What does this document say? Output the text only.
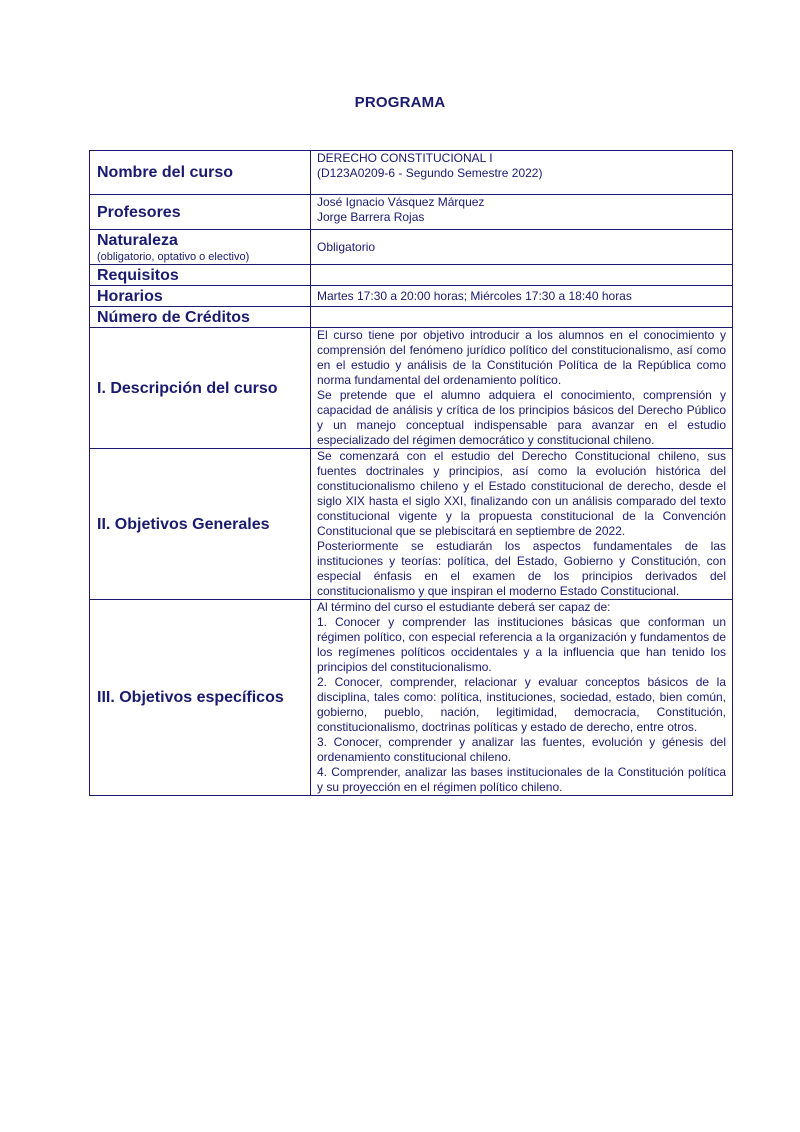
PROGRAMA
Nombre del curso	DERECHO CONSTITUCIONAL I
(D123A0209-6 - Segundo Semestre 2022)

Profesores	José Ignacio Vásquez Márquez
Jorge Barrera Rojas

Naturaleza
(obligatorio, optativo o electivo)	Obligatorio
Requisitos	
Horarios	Martes 17:30 a 20:00 horas; Miércoles 17:30 a 18:40 horas
Número de Créditos	
I. Descripción del curso	El curso tiene por objetivo introducir a los alumnos en el conocimiento y comprensión del fenómeno jurídico político del constitucionalismo, así como en el estudio y análisis de la Constitución Política de la República como norma fundamental del ordenamiento político.
Se pretende que el alumno adquiera el conocimiento, comprensión y capacidad de análisis y crítica de los principios básicos del Derecho Público y un manejo conceptual indispensable para avanzar en el estudio especializado del régimen democrático y constitucional chileno.

II. Objetivos Generales	Se comenzará con el estudio del Derecho Constitucional chileno, sus fuentes doctrinales y principios, así como la evolución histórica del constitucionalismo chileno y el Estado constitucional de derecho, desde el siglo XIX hasta el siglo XXI, finalizando con un análisis comparado del texto constitucional vigente y la propuesta constitucional de la Convención Constitucional que se plebiscitará en septiembre de 2022.
Posteriormente se estudiarán los aspectos fundamentales de las instituciones y teorías: política, del Estado, Gobierno y Constitución, con especial énfasis en el examen de los principios derivados del constitucionalismo y que inspiran el moderno Estado Constitucional.

III. Objetivos específicos	Al término del curso el estudiante deberá ser capaz de:
1. Conocer y comprender las instituciones básicas que conforman un régimen político, con especial referencia a la organización y fundamentos de los regímenes políticos occidentales y a la influencia que han tenido los principios del constitucionalismo.
2. Conocer, comprender, relacionar y evaluar conceptos básicos de la disciplina, tales como: política, instituciones, sociedad, estado, bien común, gobierno, pueblo, nación, legitimidad, democracia, Constitución, constitucionalismo, doctrinas políticas y estado de derecho, entre otros.
3. Conocer, comprender y analizar las fuentes, evolución y génesis del ordenamiento constitucional chileno.
4. Comprender, analizar las bases institucionales de la Constitución política y su proyección en el régimen político chileno.
